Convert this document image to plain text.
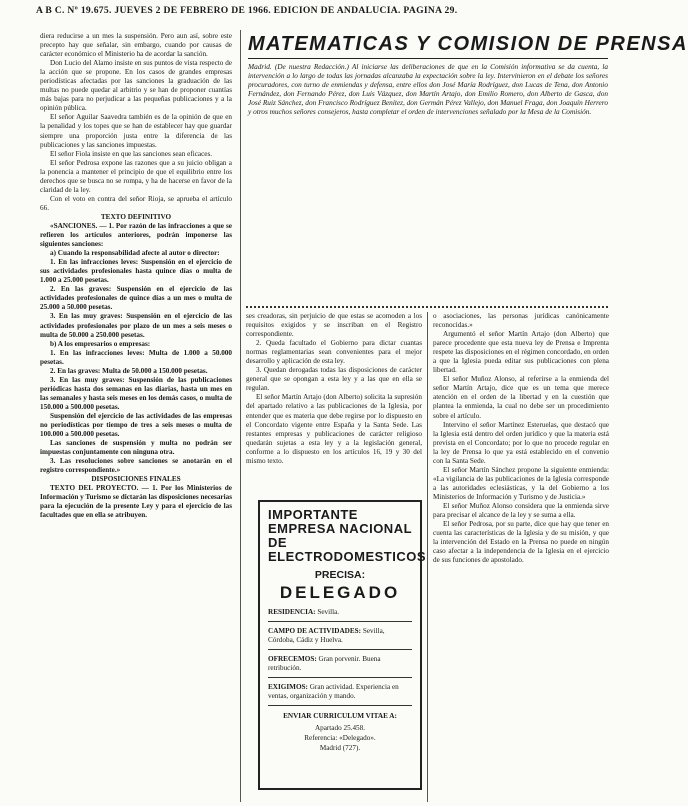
A B C. Nº 19.675. JUEVES 2 DE FEBRERO DE 1966. EDICION DE ANDALUCIA. PAGINA 29.

diera reducirse a un mes la suspensión. Pero aun así, sobre este precepto hay que señalar, sin embargo, cuando por causas de carácter económico el Ministerio ha de acordar la sanción.

Don Lucio del Alamo insiste en sus puntos de vista respecto de la acción que se propone. En los casos de grandes empresas periodísticas afectadas por las sanciones la graduación de las multas no puede quedar al arbitrio y se han de proponer cuantías más bajas para no perjudicar a las pequeñas publicaciones y a la opinión pública.

El señor Aguilar Saavedra también es de la opinión de que en la penalidad y los topes que se han de establecer hay que guardar siempre una proporción justa entre la diferencia de las publicaciones y las sanciones impuestas.

El señor Fiola insiste en que las sanciones sean eficaces.

El señor Pedrosa expone las razones que a su juicio obligan a la ponencia a mantener el principio de que el equilibrio entre los derechos que se busca no se rompa, y ha de hacerse en favor de la claridad de la ley.

Con el voto en contra del señor Rioja, se aprueba el artículo 66.

TEXTO DEFINITIVO

«SANCIONES. — 1. Por razón de las infracciones a que se refieren los artículos anteriores, podrán imponerse las siguientes sanciones:

a) Cuando la responsabilidad afecte al autor o director:

1. En las infracciones leves: Suspensión en el ejercicio de sus actividades profesionales hasta quince días o multa de 1.000 a 25.000 pesetas.

2. En las graves: Suspensión en el ejercicio de las actividades profesionales de quince días a un mes o multa de 25.000 a 50.000 pesetas.

3. En las muy graves: Suspensión en el ejercicio de las actividades profesionales por plazo de un mes a seis meses o multa de 50.000 a 250.000 pesetas.

b) A los empresarios o empresas:

1. En las infracciones leves: Multa de 1.000 a 50.000 pesetas.

2. En las graves: Multa de 50.000 a 150.000 pesetas.

3. En las muy graves: Suspensión de las publicaciones periódicas hasta dos semanas en las diarias, hasta un mes en las semanales y hasta seis meses en los demás casos, o multa de 150.000 a 500.000 pesetas.

Suspensión del ejercicio de las actividades de las empresas no periodísticas por tiempo de tres a seis meses o multa de 100.000 a 500.000 pesetas.

Las sanciones de suspensión y multa no podrán ser impuestas conjuntamente con ninguna otra.

3. Las resoluciones sobre sanciones se anotarán en el registro correspondiente.»

DISPOSICIONES FINALES

TEXTO DEL PROYECTO. — 1. Por los Ministerios de Información y Turismo se dictarán las disposiciones necesarias para la ejecución de la presente Ley y para el ejercicio de las facultades que en ella se atribuyen.

MATEMATICAS Y COMISION DE PRENSA
Madrid. (De nuestra Redacción.) Al iniciarse las deliberaciones de que en la Comisión informativa se da cuenta, la intervención a lo largo de todas las jornadas alcanzaba la expectación sobre la ley. Intervinieron en el debate los señores procuradores, con turno de enmiendas y defensa, entre ellos don José María Rodríguez, don Lucas de Tena, don Antonio Fernández, don Fernando Pérez, don Luis Vázquez, don Martín Artajo, don Emilio Romero, don Alberto de Gasca, don José Ruiz Sánchez, don Francisco Rodríguez Benítez, don Germán Pérez Vallejo, don Manuel Fraga, don Joaquín Herrero y otros muchos señores consejeros, hasta completar el orden de intervenciones señalado por la Mesa de la Comisión.

ses creadoras, sin perjuicio de que estas se acomoden a los requisitos exigidos y se inscriban en el Registro correspondiente.

2. Queda facultado el Gobierno para dictar cuantas normas reglamentarias sean convenientes para el mejor desarrollo y aplicación de esta ley.

3. Quedan derogadas todas las disposiciones de carácter general que se opongan a esta ley y a las que en ella se regulan.

El señor Martín Artajo (don Alberto) solicita la supresión del apartado relativo a las publicaciones de la Iglesia, por entender que es materia que debe regirse por lo dispuesto en el Concordato vigente entre España y la Santa Sede. Las restantes empresas y publicaciones de carácter religioso quedarán sujetas a esta ley y a la legislación general, conforme a lo dispuesto en los artículos 16, 19 y 30 del mismo texto.

o asociaciones, las personas jurídicas canónicamente reconocidas.»

Argumentó el señor Martín Artajo (don Alberto) que parece procedente que esta nueva ley de Prensa e Imprenta respete las disposiciones en el régimen concordado, en orden a que la Iglesia pueda editar sus publicaciones con plena libertad.

El señor Muñoz Alonso, al referirse a la enmienda del señor Martín Artajo, dice que es un tema que merece atención en el orden de la libertad y en la cuestión que plantea la enmienda, la cual no debe ser un procedimiento sobre el artículo.

Intervino el señor Martínez Esteruelas, que destacó que la Iglesia está dentro del orden jurídico y que la materia está prevista en el Concordato; por lo que no procede regular en la ley de Prensa lo que ya está establecido en el convenio con la Santa Sede.

El señor Martín Sánchez propone la siguiente enmienda: «La vigilancia de las publicaciones de la Iglesia corresponde a las autoridades eclesiásticas, y la del Gobierno a los Ministerios de Información y Turismo y de Justicia.»

El señor Muñoz Alonso considera que la enmienda sirve para precisar el alcance de la ley y se suma a ella.

El señor Pedrosa, por su parte, dice que hay que tener en cuenta las características de la Iglesia y de su misión, y que la intervención del Estado en la Prensa no puede en ningún caso afectar a la independencia de la Iglesia en el ejercicio de sus funciones de apostolado.

IMPORTANTE EMPRESA NACIONAL DE ELECTRODOMESTICOS
PRECISA:
DELEGADO
RESIDENCIA: Sevilla.
CAMPO DE ACTIVIDADES: Sevilla, Córdoba, Cádiz y Huelva.
OFRECEMOS: Gran porvenir. Buena retribución.
EXIGIMOS: Gran actividad. Experiencia en ventas, organización y mando.
ENVIAR CURRICULUM VITAE A:
Apartado 25.458.
Referencia: «Delegado».
Madrid (727).
